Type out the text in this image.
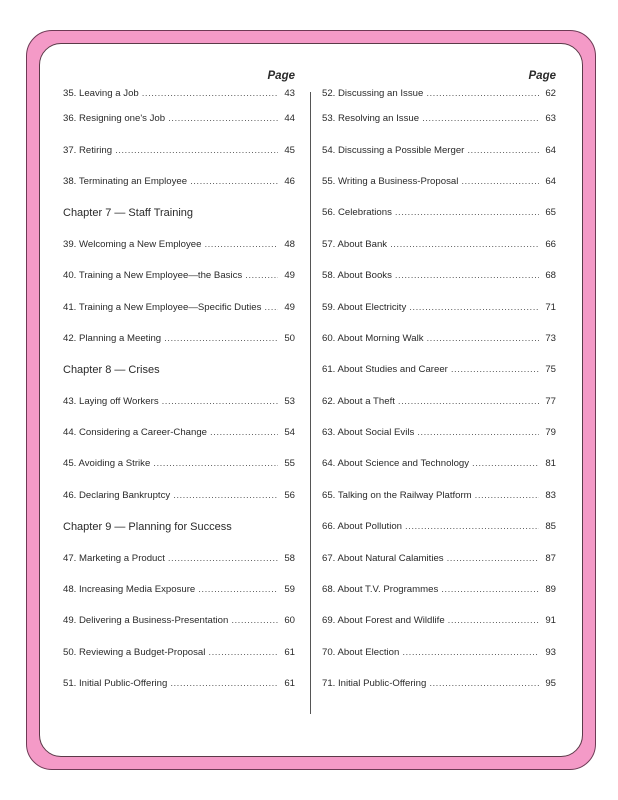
Page
35. Leaving a Job .....	43
36. Resigning one's Job .....	44
37. Retiring .....	45
38. Terminating an Employee .....	46
Chapter 7 — Staff Training
39. Welcoming a New Employee .....	48
40. Training a New Employee—the Basics .....	49
41. Training a New Employee—Specific Duties .....	49
42. Planning a Meeting .....	50
Chapter 8 — Crises
43. Laying off Workers .....	53
44. Considering a Career-Change .....	54
45. Avoiding a Strike .....	55
46. Declaring Bankruptcy .....	56
Chapter 9 — Planning for Success
47. Marketing a Product .....	58
48. Increasing Media Exposure .....	59
49. Delivering a Business-Presentation .....	60
50. Reviewing a Budget-Proposal .....	61
51. Initial Public-Offering .....	61
Page
52. Discussing an Issue .....	62
53. Resolving an Issue .....	63
54. Discussing a Possible Merger .....	64
55. Writing a Business-Proposal .....	64
56. Celebrations .....	65
57. About Bank .....	66
58. About Books .....	68
59. About Electricity .....	71
60. About Morning Walk .....	73
61. About Studies and Career .....	75
62. About a Theft .....	77
63. About Social Evils .....	79
64. About Science and Technology .....	81
65. Talking on the Railway Platform .....	83
66. About Pollution .....	85
67. About Natural Calamities .....	87
68. About T.V. Programmes .....	89
69. About Forest and Wildlife .....	91
70. About Election .....	93
71. Initial Public-Offering .....	95
